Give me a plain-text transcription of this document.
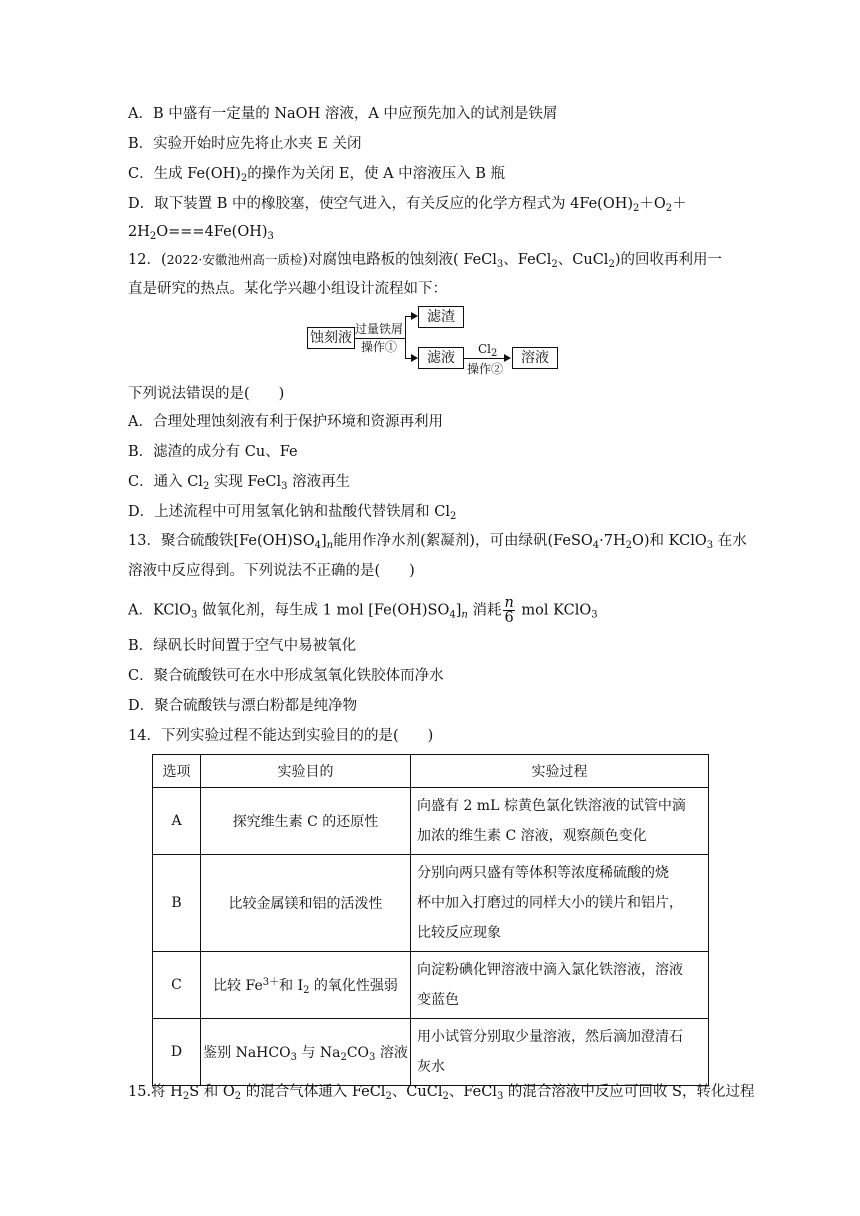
A．B 中盛有一定量的 NaOH 溶液，A 中应预先加入的试剂是铁屑
B．实验开始时应先将止水夹 E 关闭
C．生成 $Fe(OH)_2$的操作为关闭 E，使 A 中溶液压入 B 瓶
D．取下装置 B 中的橡胶塞，使空气进入，有关反应的化学方程式为 $4Fe(OH)_2+O_2+$
$2H_2O===4Fe(OH)_3$
12．(2022·安徽池州高一质检)对腐蚀电路板的蚀刻液( FeCl$_3$、FeCl$_2$、CuCl$_2$)的回收再利用一
直是研究的热点。某化学兴趣小组设计流程如下：
蚀刻液
过量铁屑
操作①
滤渣
滤液
$Cl_2$
操作②
溶液
下列说法错误的是(　　)
A．合理处理蚀刻液有利于保护环境和资源再利用
B．滤渣的成分有 Cu、Fe
C．通入 $Cl_2$ 实现 FeCl$_3$ 溶液再生
D．上述流程中可用氢氧化钠和盐酸代替铁屑和 $Cl_2$
13．聚合硫酸铁$[Fe(OH)SO_4]_n$能用作净水剂(絮凝剂)，可由绿矾$(FeSO_4\cdot 7H_2O)$和 KClO$_3$ 在水
溶液中反应得到。下列说法不正确的是(　　)
A．KClO$_3$ 做氧化剂，每生成 1 mol $[Fe(OH)SO_4]_n$ 消耗 $\frac{n}{6}$ mol KClO$_3$
B．绿矾长时间置于空气中易被氧化
C．聚合硫酸铁可在水中形成氢氧化铁胶体而净水
D．聚合硫酸铁与漂白粉都是纯净物
14．下列实验过程不能达到实验目的的是(　　)
选项	实验目的	实验过程
A	探究维生素 C 的还原性	向盛有 2 mL 棕黄色氯化铁溶液的试管中滴
加浓的维生素 C 溶液，观察颜色变化

B	比较金属镁和铝的活泼性	分别向两只盛有等体积等浓度稀硫酸的烧
杯中加入打磨过的同样大小的镁片和铝片，
比较反应现象

C	比较 $Fe^{3+}$和 $I_2$ 的氧化性强弱	向淀粉碘化钾溶液中滴入氯化铁溶液，溶液
变蓝色

D	鉴别 NaHCO$_3$ 与 $Na_2CO_3$ 溶液	用小试管分别取少量溶液，然后滴加澄清石
灰水
15.将 $H_2S$ 和 $O_2$ 的混合气体通入 FeCl$_2$、CuCl$_2$、FeCl$_3$ 的混合溶液中反应可回收 S，转化过程
